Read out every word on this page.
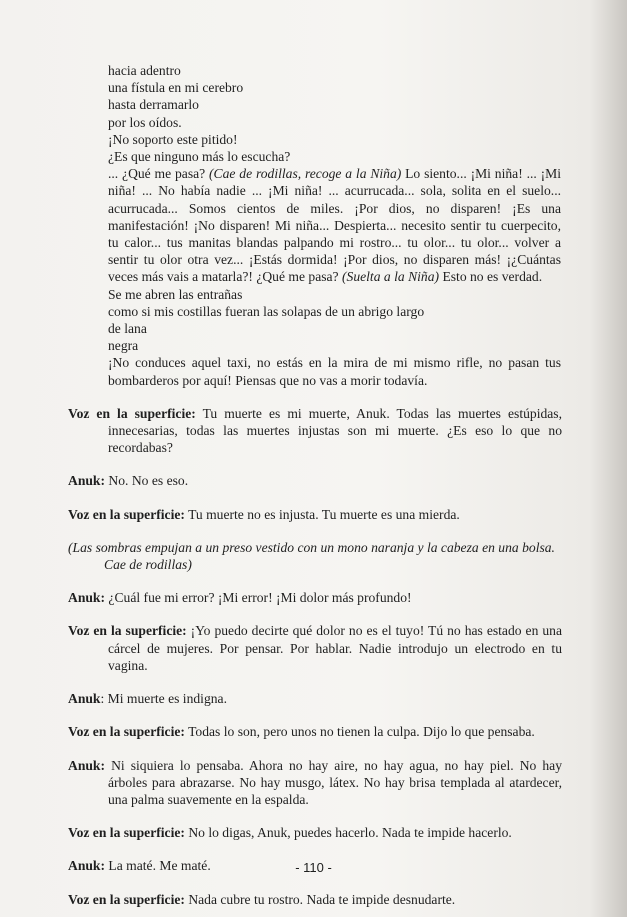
hacia adentro
una fístula en mi cerebro
hasta derramarlo
por los oídos.
¡No soporto este pitido!
¿Es que ninguno más lo escucha?
... ¿Qué me pasa? (Cae de rodillas, recoge a la Niña) Lo siento... ¡Mi niña! ... ¡Mi niña! ... No había nadie ... ¡Mi niña! ... acurrucada... sola, solita en el suelo... acurrucada... Somos cientos de miles. ¡Por dios, no disparen! ¡Es una manifestación! ¡No disparen! Mi niña... Despierta... necesito sentir tu cuerpecito, tu calor... tus manitas blandas palpando mi rostro... tu olor... tu olor... volver a sentir tu olor otra vez... ¡Estás dormida! ¡Por dios, no disparen más! ¡¿Cuántas veces más vais a matarla?! ¿Qué me pasa? (Suelta a la Niña) Esto no es verdad.
Se me abren las entrañas
como si mis costillas fueran las solapas de un abrigo largo
de lana
negra
¡No conduces aquel taxi, no estás en la mira de mi mismo rifle, no pasan tus bombarderos por aquí! Piensas que no vas a morir todavía.
Voz en la superficie: Tu muerte es mi muerte, Anuk. Todas las muertes estúpidas, innecesarias, todas las muertes injustas son mi muerte. ¿Es eso lo que no recordabas?
Anuk: No. No es eso.
Voz en la superficie: Tu muerte no es injusta. Tu muerte es una mierda.
(Las sombras empujan a un preso vestido con un mono naranja y la cabeza en una bolsa. Cae de rodillas)
Anuk: ¿Cuál fue mi error? ¡Mi error! ¡Mi dolor más profundo!
Voz en la superficie: ¡Yo puedo decirte qué dolor no es el tuyo! Tú no has estado en una cárcel de mujeres. Por pensar. Por hablar. Nadie introdujo un electrodo en tu vagina.
Anuk: Mi muerte es indigna.
Voz en la superficie: Todas lo son, pero unos no tienen la culpa. Dijo lo que pensaba.
Anuk: Ni siquiera lo pensaba. Ahora no hay aire, no hay agua, no hay piel. No hay árboles para abrazarse. No hay musgo, látex. No hay brisa templada al atardecer, una palma suavemente en la espalda.
Voz en la superficie: No lo digas, Anuk, puedes hacerlo. Nada te impide hacerlo.
Anuk: La maté. Me maté.
Voz en la superficie: Nada cubre tu rostro. Nada te impide desnudarte.
- 110 -
